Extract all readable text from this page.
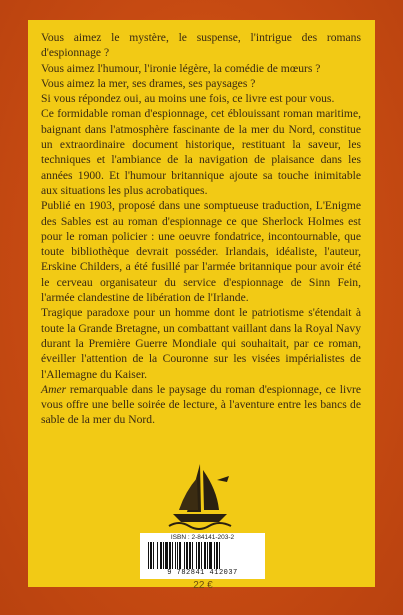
Vous aimez le mystère, le suspense, l'intrigue des romans d'espionnage ?

Vous aimez l'humour, l'ironie légère, la comédie de mœurs ?

Vous aimez la mer, ses drames, ses paysages ?

Si vous répondez oui, au moins une fois, ce livre est pour vous.

Ce formidable roman d'espionnage, cet éblouissant roman maritime, baignant dans l'atmosphère fascinante de la mer du Nord, constitue un extraordinaire document historique, restituant la saveur, les techniques et l'ambiance de la navigation de plaisance dans les années 1900. Et l'humour britannique ajoute sa touche inimitable aux situations les plus acrobatiques.

Publié en 1903, proposé dans une somptueuse traduction, L'Enigme des Sables est au roman d'espionnage ce que Sherlock Holmes est pour le roman policier : une oeuvre fondatrice, incontournable, que toute bibliothèque devrait posséder. Irlandais, idéaliste, l'auteur, Erskine Childers, a été fusillé par l'armée britannique pour avoir été le cerveau organisateur du service d'espionnage de Sinn Fein, l'armée clandestine de libération de l'Irlande.

Tragique paradoxe pour un homme dont le patriotisme s'étendait à toute la Grande Bretagne, un combattant vaillant dans la Royal Navy durant la Première Guerre Mondiale qui souhaitait, par ce roman, éveiller l'attention de la Couronne sur les visées impérialistes de l'Allemagne du Kaiser.

Amer remarquable dans le paysage du roman d'espionnage, ce livre vous offre une belle soirée de lecture, à l'aventure entre les bancs de sable de la mer du Nord.

ISBN : 2-84141-203-2
9 782841 412037
22 €
